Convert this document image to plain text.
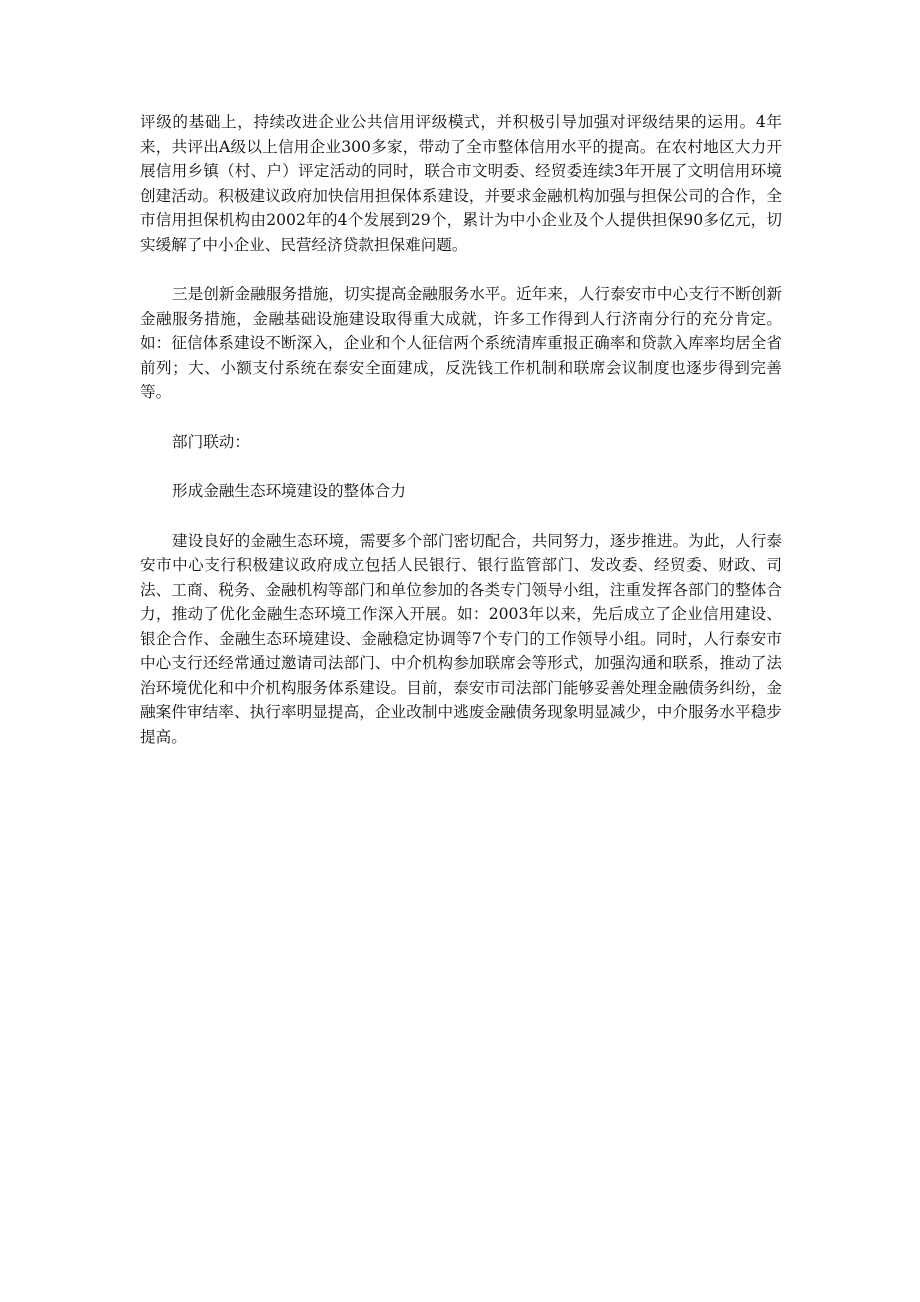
评级的基础上，持续改进企业公共信用评级模式，并积极引导加强对评级结果的运用。4年来，共评出A级以上信用企业300多家，带动了全市整体信用水平的提高。在农村地区大力开展信用乡镇（村、户）评定活动的同时，联合市文明委、经贸委连续3年开展了文明信用环境创建活动。积极建议政府加快信用担保体系建设，并要求金融机构加强与担保公司的合作，全市信用担保机构由2002年的4个发展到29个，累计为中小企业及个人提供担保90多亿元，切实缓解了中小企业、民营经济贷款担保难问题。

三是创新金融服务措施，切实提高金融服务水平。近年来，人行泰安市中心支行不断创新金融服务措施，金融基础设施建设取得重大成就，许多工作得到人行济南分行的充分肯定。如：征信体系建设不断深入，企业和个人征信两个系统清库重报正确率和贷款入库率均居全省前列；大、小额支付系统在泰安全面建成，反洗钱工作机制和联席会议制度也逐步得到完善等。

部门联动：

形成金融生态环境建设的整体合力

建设良好的金融生态环境，需要多个部门密切配合，共同努力，逐步推进。为此，人行泰安市中心支行积极建议政府成立包括人民银行、银行监管部门、发改委、经贸委、财政、司法、工商、税务、金融机构等部门和单位参加的各类专门领导小组，注重发挥各部门的整体合力，推动了优化金融生态环境工作深入开展。如：2003年以来，先后成立了企业信用建设、银企合作、金融生态环境建设、金融稳定协调等7个专门的工作领导小组。同时，人行泰安市中心支行还经常通过邀请司法部门、中介机构参加联席会等形式，加强沟通和联系，推动了法治环境优化和中介机构服务体系建设。目前，泰安市司法部门能够妥善处理金融债务纠纷，金融案件审结率、执行率明显提高，企业改制中逃废金融债务现象明显减少，中介服务水平稳步提高。
